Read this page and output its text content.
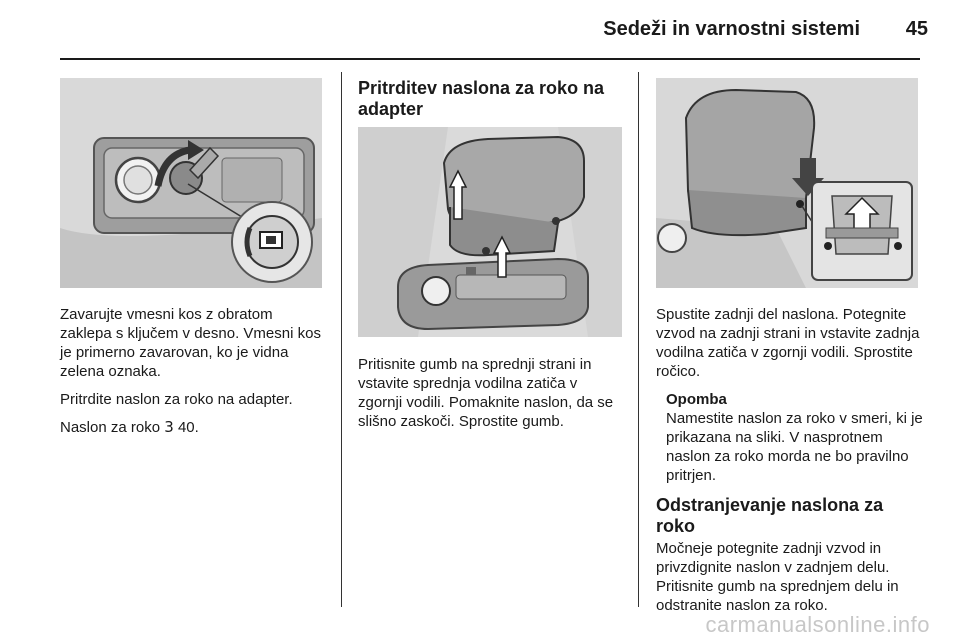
Sedeži in varnostni sistemi	45

Zavarujte vmesni kos z obratom zaklepa s ključem v desno. Vmesni kos je primerno zavarovan, ko je vidna zelena oznaka.

Pritrdite naslon za roko na adapter.

Naslon za roko 3 40.

Pritrditev naslona za roko na adapter

Pritisnite gumb na sprednji strani in vstavite sprednja vodilna zatiča v zgornji vodili. Pomaknite naslon, da se slišno zaskoči. Sprostite gumb.

Spustite zadnji del naslona. Potegnite vzvod na zadnji strani in vstavite zadnja vodilna zatiča v zgornji vodili. Sprostite ročico.

Opomba
Namestite naslon za roko v smeri, ki je prikazana na sliki. V nasprotnem naslon za roko morda ne bo pravilno pritrjen.
Odstranjevanje naslona za roko

Močneje potegnite zadnji vzvod in privzdignite naslon v zadnjem delu. Pritisnite gumb na sprednjem delu in odstranite naslon za roko.

carmanualsonline.info
